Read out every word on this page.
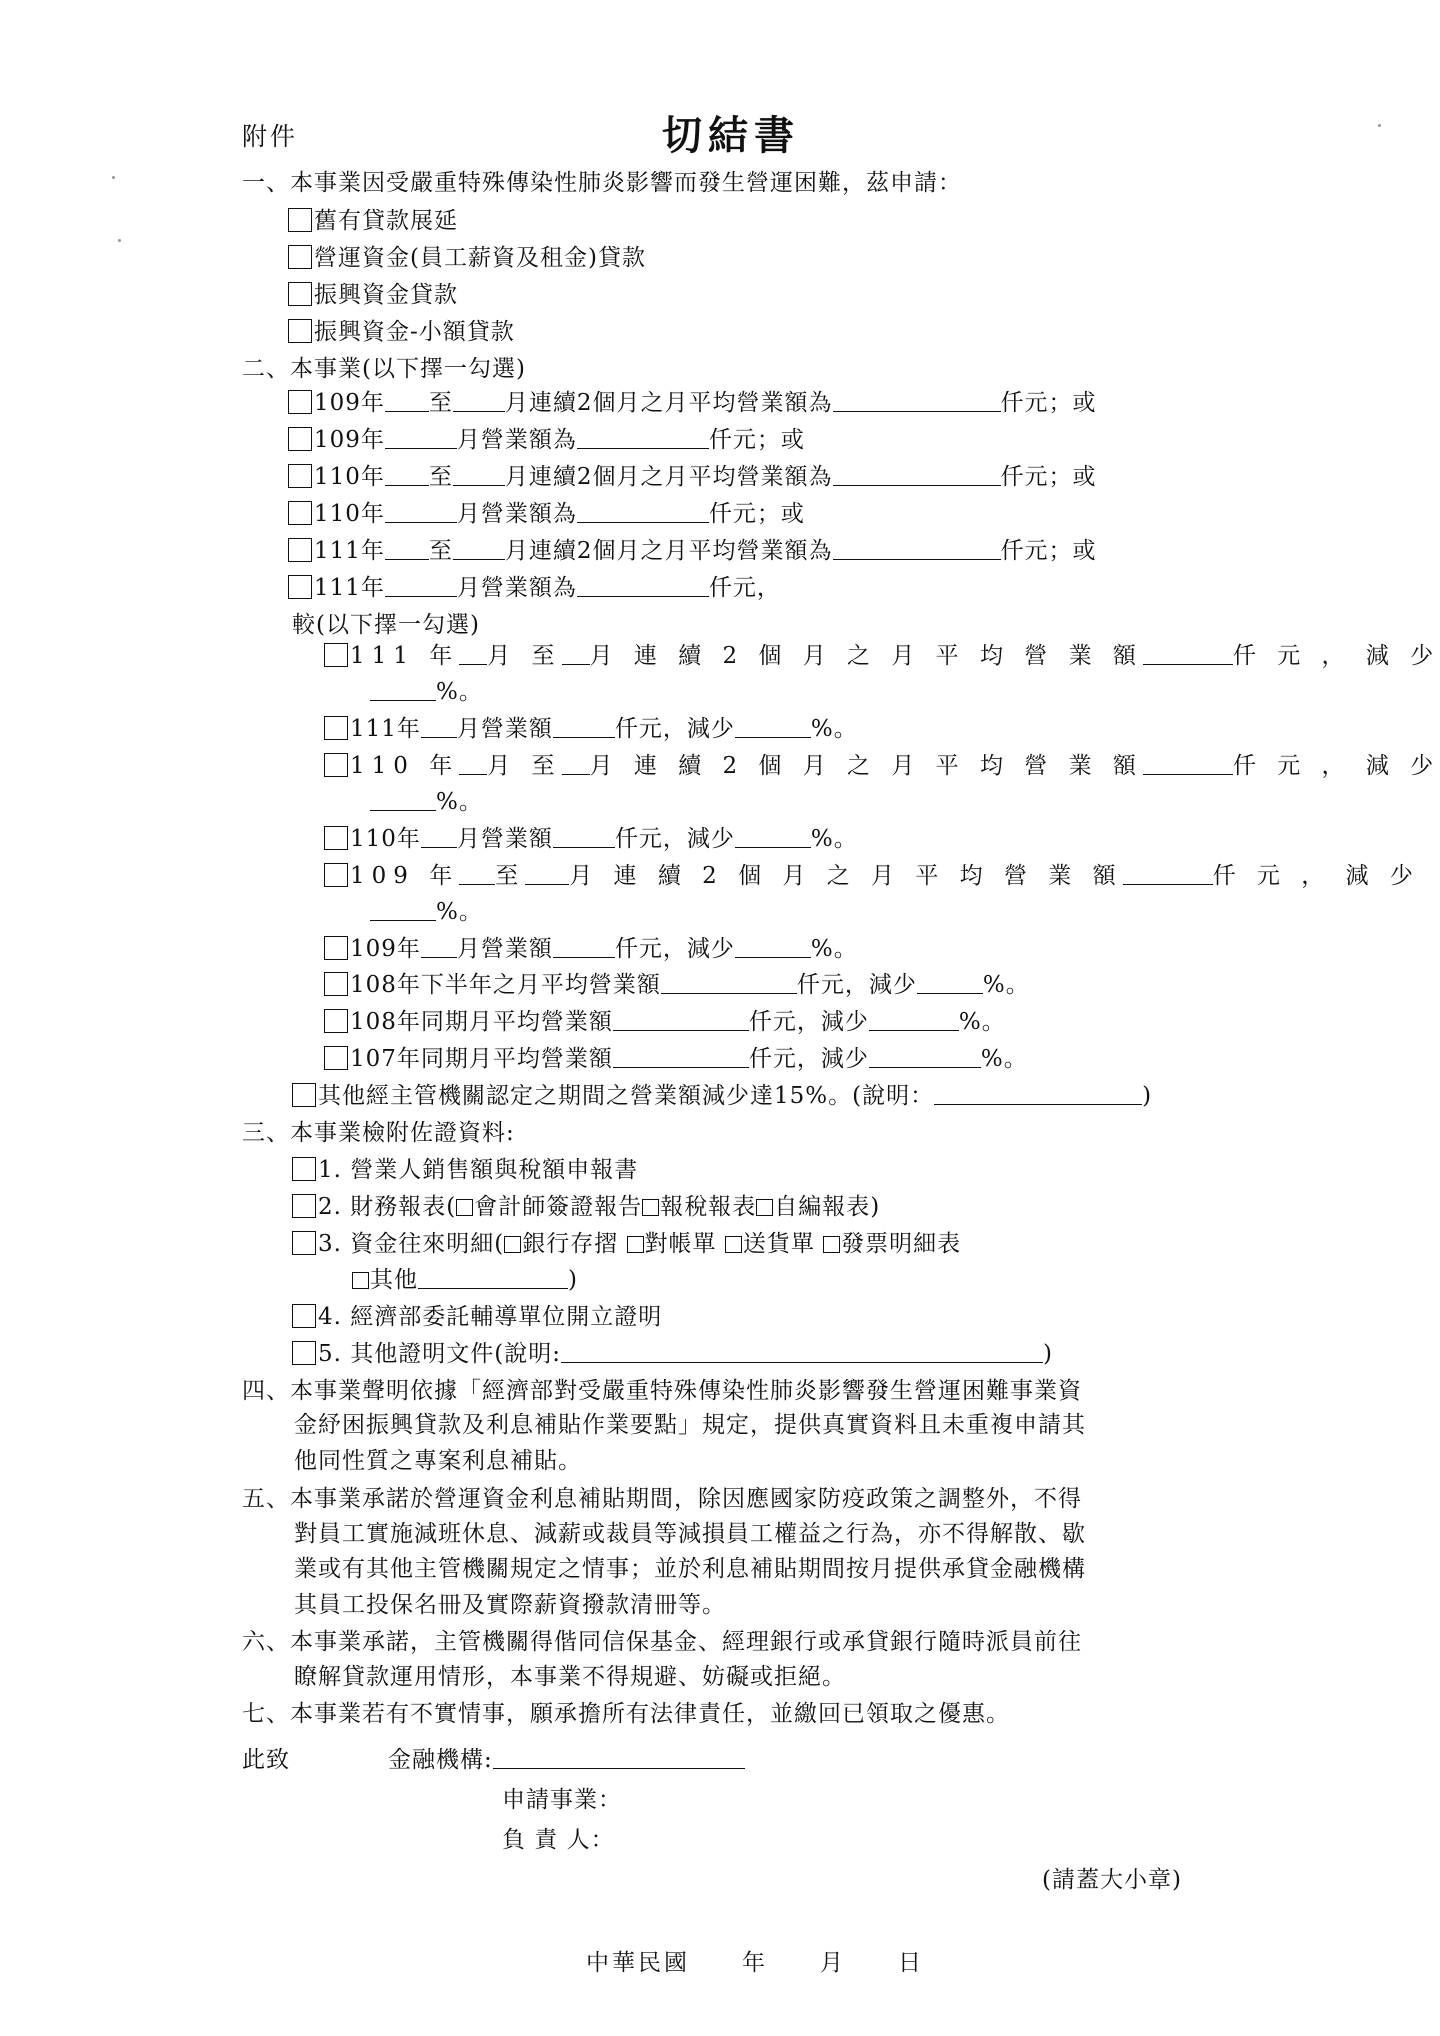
附件	切結書
一、本事業因受嚴重特殊傳染性肺炎影響而發生營運困難，茲申請：
舊有貸款展延
營運資金(員工薪資及租金)貸款
振興資金貸款
振興資金-小額貸款
二、本事業(以下擇一勾選)
109年 至 月連續2個月之月平均營業額為	仟元；或
109年	月營業額為	仟元；或
110年 至 月連續2個月之月平均營業額為	仟元；或
110年	月營業額為	仟元；或
111年 至 月連續2個月之月平均營業額為	仟元；或
111年	月營業額為	仟元，
較(以下擇一勾選)
111 年 月 至 月 連 續 2 個 月 之 月 平 均 營 業 額	仟 元 ， 減 少
%。
111年 月營業額	仟元，減少	%。
110 年 月 至 月 連 續 2 個 月 之 月 平 均 營 業 額	仟 元 ， 減 少
%。
110年 月營業額	仟元，減少	%。
109 年 至 月 連 續 2 個 月 之 月 平 均 營 業 額	仟 元 ， 減 少
%。
109年 月營業額	仟元，減少	%。
108年下半年之月平均營業額	仟元，減少	%。
108年同期月平均營業額	仟元，減少	%。
107年同期月平均營業額	仟元，減少	%。
其他經主管機關認定之期間之營業額減少達15%。(說明：	)
三、本事業檢附佐證資料:
1. 營業人銷售額與稅額申報書
2. 財務報表( 會計師簽證報告 報稅報表 自編報表)
3. 資金往來明細( 銀行存摺 對帳單 送貨單 發票明細表
其他	)
4. 經濟部委託輔導單位開立證明
5. 其他證明文件(說明:	)
四、本事業聲明依據「經濟部對受嚴重特殊傳染性肺炎影響發生營運困難事業資
金紓困振興貸款及利息補貼作業要點」規定，提供真實資料且未重複申請其
他同性質之專案利息補貼。
五、本事業承諾於營運資金利息補貼期間，除因應國家防疫政策之調整外，不得
對員工實施減班休息、減薪或裁員等減損員工權益之行為，亦不得解散、歇
業或有其他主管機關規定之情事；並於利息補貼期間按月提供承貸金融機構
其員工投保名冊及實際薪資撥款清冊等。
六、本事業承諾，主管機關得偕同信保基金、經理銀行或承貸銀行隨時派員前往
瞭解貸款運用情形，本事業不得規避、妨礙或拒絕。
七、本事業若有不實情事，願承擔所有法律責任，並繳回已領取之優惠。
此致	金融機構:
申請事業：
負 責 人：
(請蓋大小章)
中華民國　　年　　月　　日
